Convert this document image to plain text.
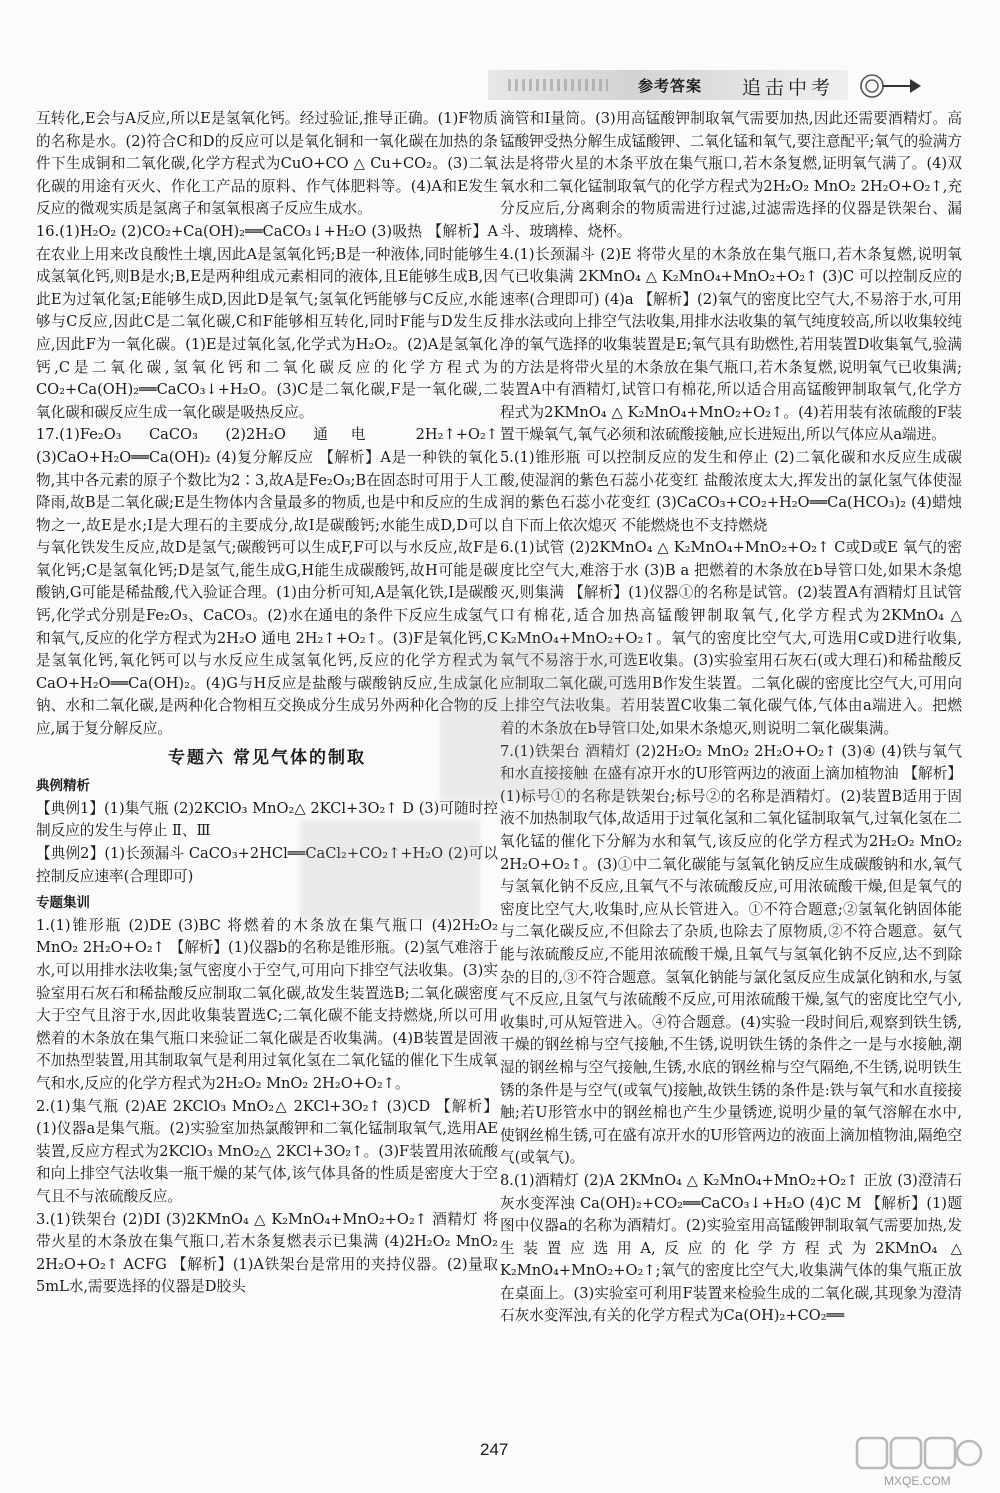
参考答案 追击中考

互转化,E会与A反应,所以E是氢氧化钙。经过验证,推导正确。(1)F物质的名称是水。(2)符合C和D的反应可以是氧化铜和一氧化碳在加热的条件下生成铜和二氧化碳,化学方程式为CuO+CO △ Cu+CO₂。(3)二氧化碳的用途有灭火、作化工产品的原料、作气体肥料等。(4)A和E发生反应的微观实质是氢离子和氢氧根离子反应生成水。

16.(1)H₂O₂ (2)CO₂+Ca(OH)₂══CaCO₃↓+H₂O (3)吸热 【解析】A在农业上用来改良酸性土壤,因此A是氢氧化钙;B是一种液体,同时能够生成氢氧化钙,则B是水;B,E是两种组成元素相同的液体,且E能够生成B,因此E为过氧化氢;E能够生成D,因此D是氧气;氢氧化钙能够与C反应,水能够与C反应,因此C是二氧化碳,C和F能够相互转化,同时F能与D发生反应,因此F为一氧化碳。(1)E是过氧化氢,化学式为H₂O₂。(2)A是氢氧化钙,C是二氧化碳,氢氧化钙和二氧化碳反应的化学方程式为CO₂+Ca(OH)₂══CaCO₃↓+H₂O。(3)C是二氧化碳,F是一氧化碳,二氧化碳和碳反应生成一氧化碳是吸热反应。

17.(1)Fe₂O₃ CaCO₃ (2)2H₂O 通电 2H₂↑+O₂↑ (3)CaO+H₂O══Ca(OH)₂ (4)复分解反应 【解析】A是一种铁的氧化物,其中各元素的原子个数比为2∶3,故A是Fe₂O₃;B在固态时可用于人工降雨,故B是二氧化碳;E是生物体内含量最多的物质,也是中和反应的生成物之一,故E是水;I是大理石的主要成分,故I是碳酸钙;水能生成D,D可以与氧化铁发生反应,故D是氢气;碳酸钙可以生成F,F可以与水反应,故F是氧化钙;C是氢氧化钙;D是氢气,能生成G,H能生成碳酸钙,故H可能是碳酸钠,G可能是稀盐酸,代入验证合理。(1)由分析可知,A是氧化铁,I是碳酸钙,化学式分别是Fe₂O₃、CaCO₃。(2)水在通电的条件下反应生成氢气和氧气,反应的化学方程式为2H₂O 通电 2H₂↑+O₂↑。(3)F是氧化钙,C是氢氧化钙,氧化钙可以与水反应生成氢氧化钙,反应的化学方程式为CaO+H₂O══Ca(OH)₂。(4)G与H反应是盐酸与碳酸钠反应,生成氯化钠、水和二氧化碳,是两种化合物相互交换成分生成另外两种化合物的反应,属于复分解反应。

专题六 常见气体的制取
典例精析

【典例1】(1)集气瓶 (2)2KClO₃ MnO₂△ 2KCl+3O₂↑ D (3)可随时控制反应的发生与停止 Ⅱ、Ⅲ

【典例2】(1)长颈漏斗 CaCO₃+2HCl══CaCl₂+CO₂↑+H₂O (2)可以控制反应速率(合理即可)

专题集训

1.(1)锥形瓶 (2)DE (3)BC 将燃着的木条放在集气瓶口 (4)2H₂O₂ MnO₂ 2H₂O+O₂↑ 【解析】(1)仪器b的名称是锥形瓶。(2)氢气难溶于水,可以用排水法收集;氢气密度小于空气,可用向下排空气法收集。(3)实验室用石灰石和稀盐酸反应制取二氧化碳,故发生装置选B;二氧化碳密度大于空气且溶于水,因此收集装置选C;二氧化碳不能支持燃烧,所以可用燃着的木条放在集气瓶口来验证二氧化碳是否收集满。(4)B装置是固液不加热型装置,用其制取氧气是利用过氧化氢在二氧化锰的催化下生成氧气和水,反应的化学方程式为2H₂O₂ MnO₂ 2H₂O+O₂↑。

2.(1)集气瓶 (2)AE 2KClO₃ MnO₂△ 2KCl+3O₂↑ (3)CD 【解析】(1)仪器a是集气瓶。(2)实验室加热氯酸钾和二氧化锰制取氧气,选用AE装置,反应方程式为2KClO₃ MnO₂△ 2KCl+3O₂↑。(3)F装置用浓硫酸和向上排空气法收集一瓶干燥的某气体,该气体具备的性质是密度大于空气且不与浓硫酸反应。

3.(1)铁架台 (2)DI (3)2KMnO₄ △ K₂MnO₄+MnO₂+O₂↑ 酒精灯 将带火星的木条放在集气瓶口,若木条复燃表示已集满 (4)2H₂O₂ MnO₂ 2H₂O+O₂↑ ACFG 【解析】(1)A铁架台是常用的夹持仪器。(2)量取5mL水,需要选择的仪器是D胶头

滴管和I量筒。(3)用高锰酸钾制取氧气需要加热,因此还需要酒精灯。高锰酸钾受热分解生成锰酸钾、二氧化锰和氧气,要注意配平;氧气的验满方法是将带火星的木条平放在集气瓶口,若木条复燃,证明氧气满了。(4)双氧水和二氧化锰制取氧气的化学方程式为2H₂O₂ MnO₂ 2H₂O+O₂↑,充分反应后,分离剩余的物质需进行过滤,过滤需选择的仪器是铁架台、漏斗、玻璃棒、烧杯。

4.(1)长颈漏斗 (2)E 将带火星的木条放在集气瓶口,若木条复燃,说明氧气已收集满 2KMnO₄ △ K₂MnO₄+MnO₂+O₂↑ (3)C 可以控制反应的速率(合理即可) (4)a 【解析】(2)氧气的密度比空气大,不易溶于水,可用排水法或向上排空气法收集,用排水法收集的氧气纯度较高,所以收集较纯净的氧气选择的收集装置是E;氧气具有助燃性,若用装置D收集氧气,验满的方法是将带火星的木条放在集气瓶口,若木条复燃,说明氧气已收集满;装置A中有酒精灯,试管口有棉花,所以适合用高锰酸钾制取氧气,化学方程式为2KMnO₄ △ K₂MnO₄+MnO₂+O₂↑。(4)若用装有浓硫酸的F装置干燥氧气,氧气必须和浓硫酸接触,应长进短出,所以气体应从a端进。

5.(1)锥形瓶 可以控制反应的发生和停止 (2)二氧化碳和水反应生成碳酸,使湿润的紫色石蕊小花变红 盐酸浓度太大,挥发出的氯化氢气体使湿润的紫色石蕊小花变红 (3)CaCO₃+CO₂+H₂O══Ca(HCO₃)₂ (4)蜡烛自下而上依次熄灭 不能燃烧也不支持燃烧

6.(1)试管 (2)2KMnO₄ △ K₂MnO₄+MnO₂+O₂↑ C或D或E 氧气的密度比空气大,难溶于水 (3)B a 把燃着的木条放在b导管口处,如果木条熄灭,则集满 【解析】(1)仪器①的名称是试管。(2)装置A有酒精灯且试管口有棉花,适合加热高锰酸钾制取氧气,化学方程式为2KMnO₄ △ K₂MnO₄+MnO₂+O₂↑。氧气的密度比空气大,可选用C或D进行收集,氧气不易溶于水,可选E收集。(3)实验室用石灰石(或大理石)和稀盐酸反应制取二氧化碳,可选用B作发生装置。二氧化碳的密度比空气大,可用向上排空气法收集。若用装置C收集二氧化碳气体,气体由a端进入。把燃着的木条放在b导管口处,如果木条熄灭,则说明二氧化碳集满。

7.(1)铁架台 酒精灯 (2)2H₂O₂ MnO₂ 2H₂O+O₂↑ (3)④ (4)铁与氧气和水直接接触 在盛有凉开水的U形管两边的液面上滴加植物油 【解析】(1)标号①的名称是铁架台;标号②的名称是酒精灯。(2)装置B适用于固液不加热制取气体,故适用于过氧化氢和二氧化锰制取氧气,过氧化氢在二氧化锰的催化下分解为水和氧气,该反应的化学方程式为2H₂O₂ MnO₂ 2H₂O+O₂↑。(3)①中二氧化碳能与氢氧化钠反应生成碳酸钠和水,氧气与氢氧化钠不反应,且氧气不与浓硫酸反应,可用浓硫酸干燥,但是氧气的密度比空气大,收集时,应从长管进入。①不符合题意;②氢氧化钠固体能与二氧化碳反应,不但除去了杂质,也除去了原物质,②不符合题意。氨气能与浓硫酸反应,不能用浓硫酸干燥,且氧气与氢氧化钠不反应,达不到除杂的目的,③不符合题意。氢氧化钠能与氯化氢反应生成氯化钠和水,与氢气不反应,且氢气与浓硫酸不反应,可用浓硫酸干燥,氢气的密度比空气小,收集时,可从短管进入。④符合题意。(4)实验一段时间后,观察到铁生锈,干燥的钢丝棉与空气接触,不生锈,说明铁生锈的条件之一是与水接触,潮湿的钢丝棉与空气接触,生锈,水底的钢丝棉与空气隔绝,不生锈,说明铁生锈的条件是与空气(或氧气)接触,故铁生锈的条件是:铁与氧气和水直接接触;若U形管水中的钢丝棉也产生少量锈迹,说明少量的氧气溶解在水中,使钢丝棉生锈,可在盛有凉开水的U形管两边的液面上滴加植物油,隔绝空气(或氧气)。

8.(1)酒精灯 (2)A 2KMnO₄ △ K₂MnO₄+MnO₂+O₂↑ 正放 (3)澄清石灰水变浑浊 Ca(OH)₂+CO₂══CaCO₃↓+H₂O (4)C M 【解析】(1)题图中仪器a的名称为酒精灯。(2)实验室用高锰酸钾制取氧气需要加热,发生装置应选用A,反应的化学方程式为2KMnO₄ △ K₂MnO₄+MnO₂+O₂↑;氧气的密度比空气大,收集满气体的集气瓶正放在桌面上。(3)实验室可利用F装置来检验生成的二氧化碳,其现象为澄清石灰水变浑浊,有关的化学方程式为Ca(OH)₂+CO₂══

247
MXQE.COM
